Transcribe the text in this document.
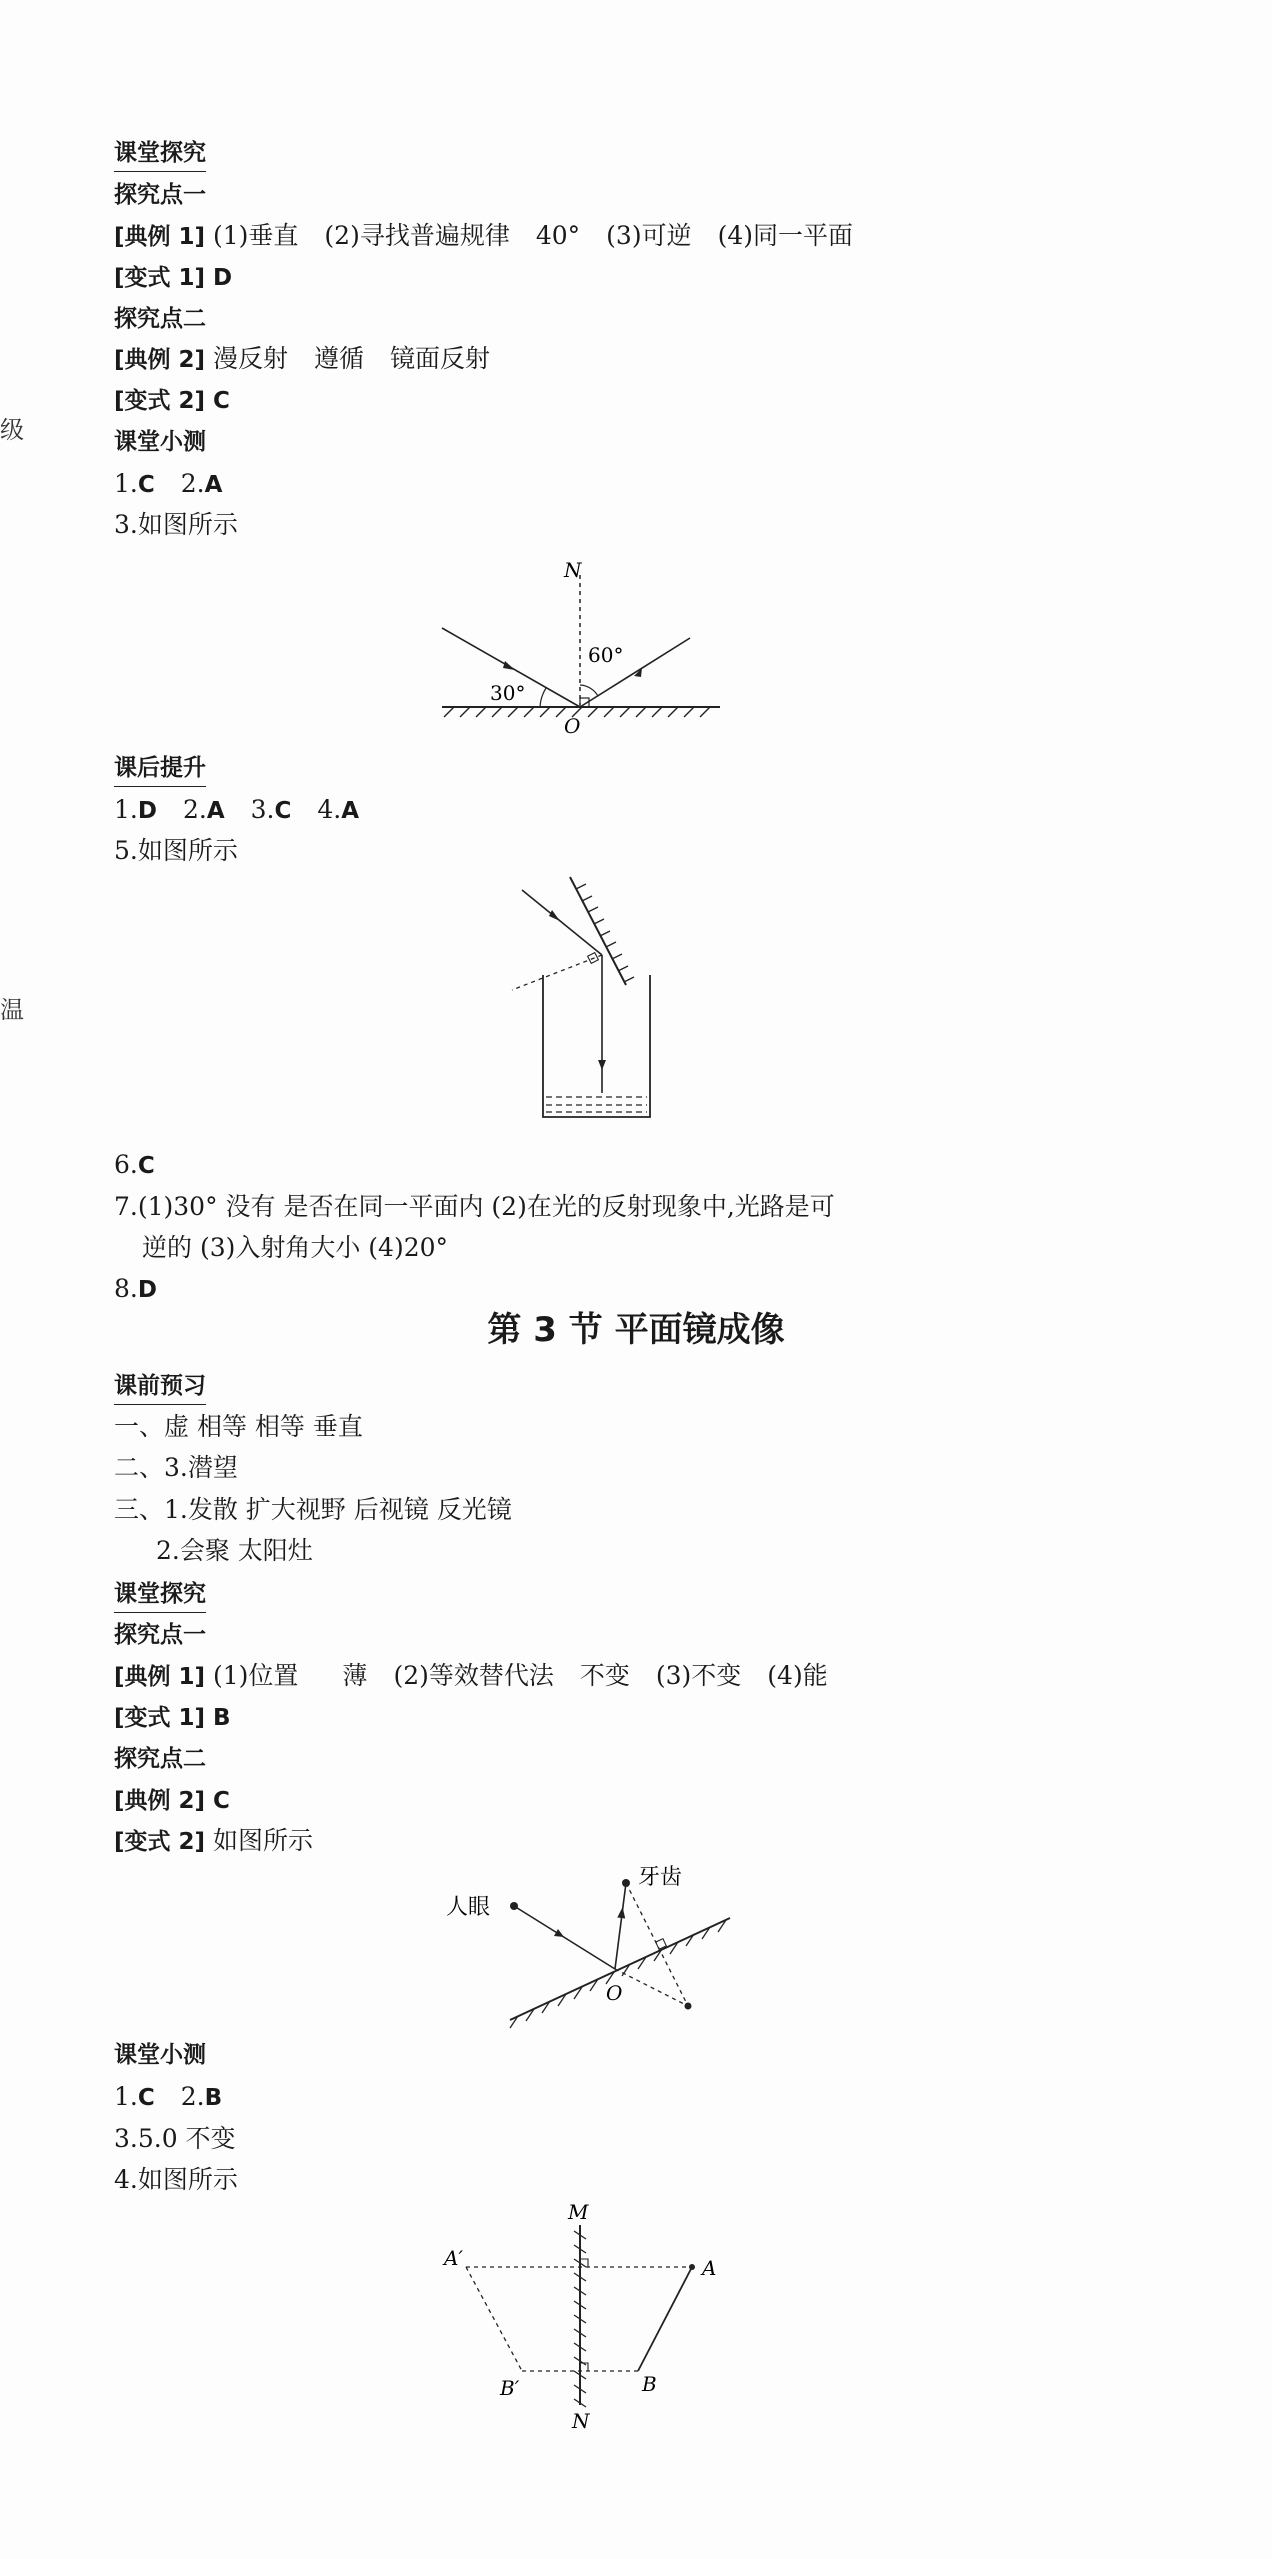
级
温
课堂探究
探究点一
[典例 1] (1)垂直 (2)寻找普遍规律 40° (3)可逆 (4)同一平面
[变式 1] D
探究点二
[典例 2] 漫反射 遵循 镜面反射
[变式 2] C
课堂小测
1.C 2.A
3.如图所示
N
60°
30°
O
课后提升
1.D 2.A 3.C 4.A
5.如图所示
6.C
7.(1)30° 没有 是否在同一平面内 (2)在光的反射现象中,光路是可
逆的 (3)入射角大小 (4)20°
8.D
第 3 节 平面镜成像
课前预习
一、虚 相等 相等 垂直
二、3.潜望
三、1.发散 扩大视野 后视镜 反光镜
2.会聚 太阳灶
课堂探究
探究点一
[典例 1] (1)位置 薄 (2)等效替代法 不变 (3)不变 (4)能
[变式 1] B
探究点二
[典例 2] C
[变式 2] 如图所示
人眼
牙齿
O
课堂小测
1.C 2.B
3.5.0 不变
4.如图所示
M
N
A′	A
B′	B
